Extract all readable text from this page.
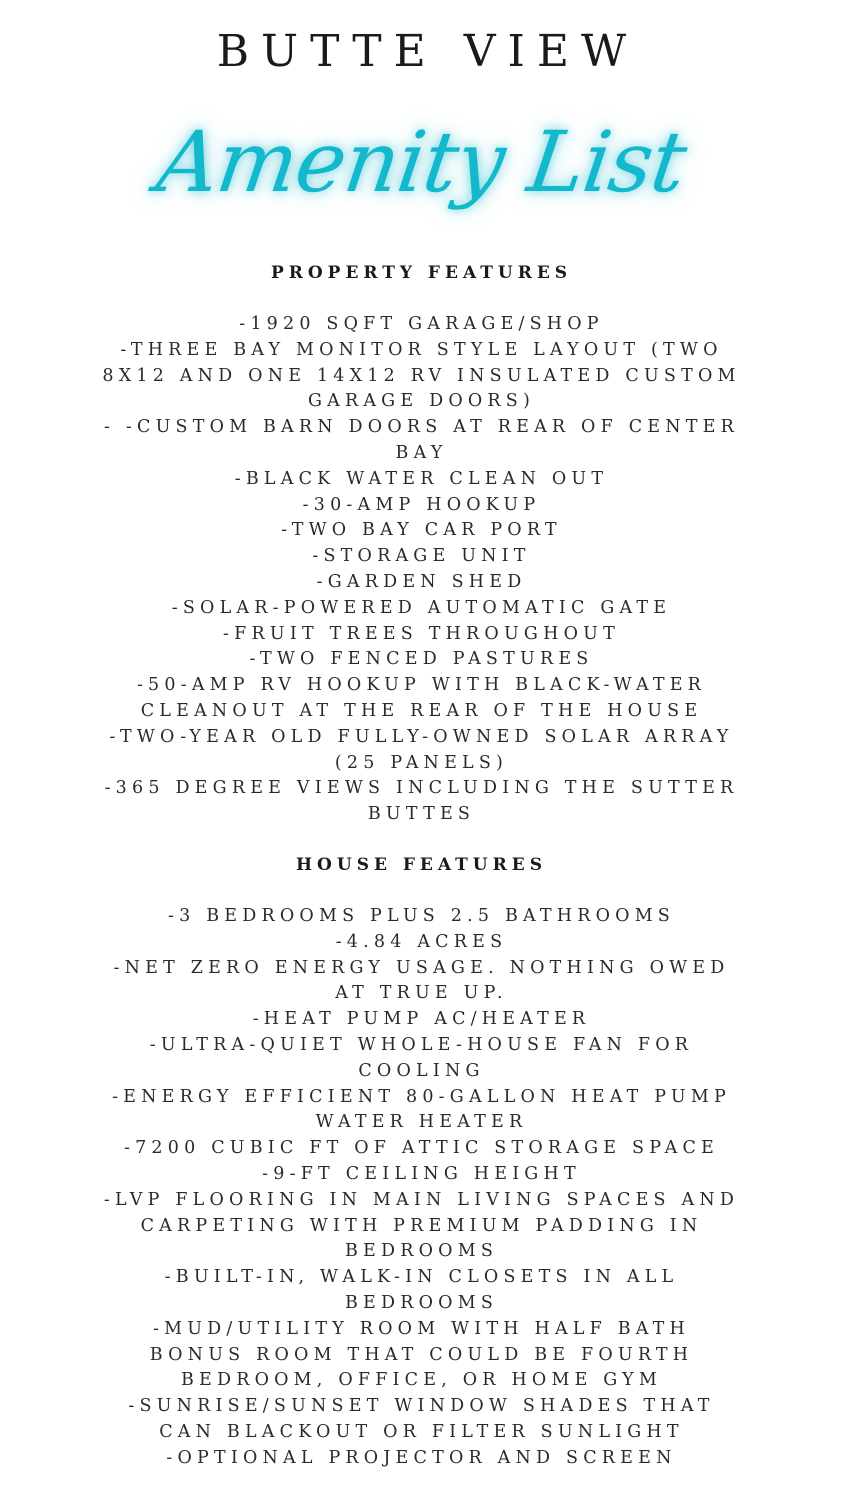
BUTTE VIEW
Amenity List
PROPERTY FEATURES
-1920 SQFT GARAGE/SHOP
-THREE BAY MONITOR STYLE LAYOUT (TWO
8X12 AND ONE 14X12 RV INSULATED CUSTOM
GARAGE DOORS)
- -CUSTOM BARN DOORS AT REAR OF CENTER
BAY
-BLACK WATER CLEAN OUT
-30-AMP HOOKUP
-TWO BAY CAR PORT
-STORAGE UNIT
-GARDEN SHED
-SOLAR-POWERED AUTOMATIC GATE
-FRUIT TREES THROUGHOUT
-TWO FENCED PASTURES
-50-AMP RV HOOKUP WITH BLACK-WATER
CLEANOUT AT THE REAR OF THE HOUSE
-TWO-YEAR OLD FULLY-OWNED SOLAR ARRAY
(25 PANELS)
-365 DEGREE VIEWS INCLUDING THE SUTTER
BUTTES
HOUSE FEATURES
-3 BEDROOMS PLUS 2.5 BATHROOMS
-4.84 ACRES
-NET ZERO ENERGY USAGE. NOTHING OWED
AT TRUE UP.
-HEAT PUMP AC/HEATER
-ULTRA-QUIET WHOLE-HOUSE FAN FOR
COOLING
-ENERGY EFFICIENT 80-GALLON HEAT PUMP
WATER HEATER
-7200 CUBIC FT OF ATTIC STORAGE SPACE
-9-FT CEILING HEIGHT
-LVP FLOORING IN MAIN LIVING SPACES AND
CARPETING WITH PREMIUM PADDING IN
BEDROOMS
-BUILT-IN, WALK-IN CLOSETS IN ALL
BEDROOMS
-MUD/UTILITY ROOM WITH HALF BATH
BONUS ROOM THAT COULD BE FOURTH
BEDROOM, OFFICE, OR HOME GYM
-SUNRISE/SUNSET WINDOW SHADES THAT
CAN BLACKOUT OR FILTER SUNLIGHT
-OPTIONAL PROJECTOR AND SCREEN
